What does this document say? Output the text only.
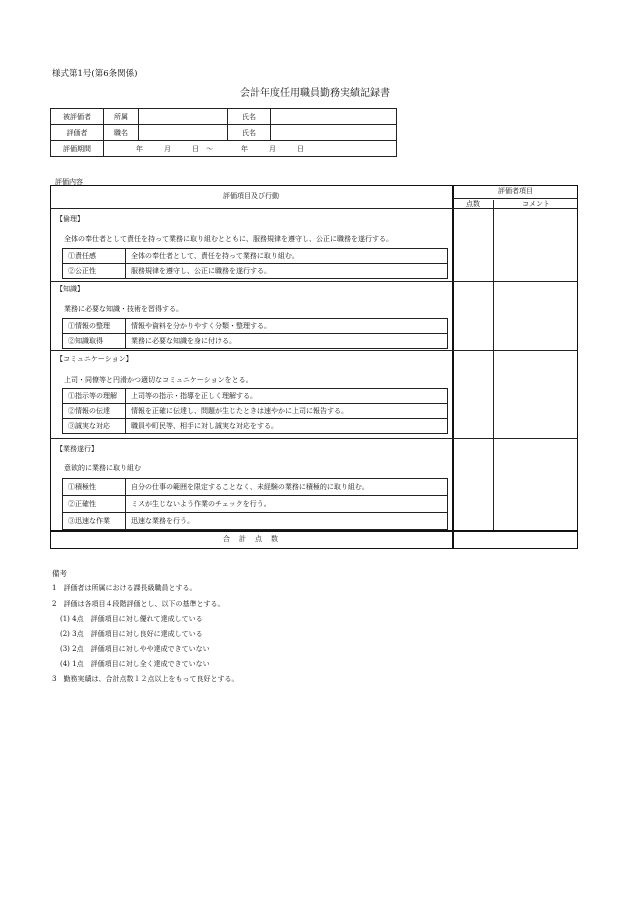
様式第1号(第6条関係)
会計年度任用職員勤務実績記録書
被評価者	所属		氏名	
評価者	職名		氏名	
評価期間	年　　　月　　　日　～　　　　年　　　月　　　日			
評価内容
評価項目及び行動
評価者項目
点数	コメント
【倫理】
全体の奉仕者として責任を持って業務に取り組むとともに、服務規律を遵守し、公正に職務を遂行する。
①責任感	全体の奉仕者として、責任を持って業務に取り組む。
②公正性	服務規律を遵守し、公正に職務を遂行する。
【知識】
業務に必要な知識・技術を習得する。
①情報の整理	情報や資料を分かりやすく分類・整理する。
②知識取得	業務に必要な知識を身に付ける。
【コミュニケーション】
上司・同僚等と円滑かつ適切なコミュニケーションをとる。
①指示等の理解	上司等の指示・指導を正しく理解する。
②情報の伝達	情報を正確に伝達し、問題が生じたときは速やかに上司に報告する。
③誠実な対応	職員や町民等、相手に対し誠実な対応をする。
【業務遂行】
意欲的に業務に取り組む
①積極性	自分の仕事の範囲を限定することなく、未経験の業務に積極的に取り組む。
②正確性	ミスが生じないよう作業のチェックを行う。
③迅速な作業	迅速な業務を行う。
合　計　点　数
備考
1　評価者は所属における課長級職員とする。
2　評価は各項目４段階評価とし、以下の基準とする。
(1) 4点　評価項目に対し優れて達成している
(2) 3点　評価項目に対し良好に達成している
(3) 2点　評価項目に対しやや達成できていない
(4) 1点　評価項目に対し全く達成できていない
3　勤務実績は、合計点数１２点以上をもって良好とする。
